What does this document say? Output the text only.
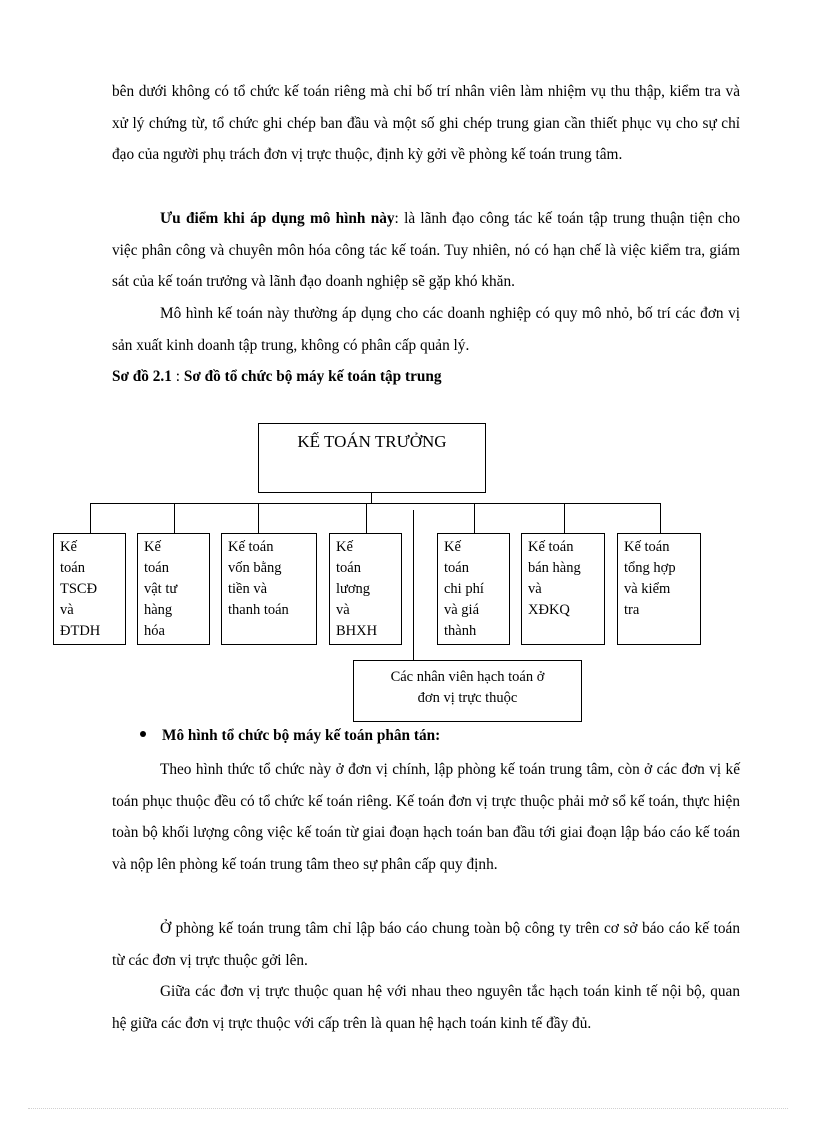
bên dưới không có tổ chức kế toán riêng mà chỉ bố trí nhân viên làm nhiệm vụ thu thập, kiểm tra và xử lý chứng từ, tổ chức ghi chép ban đầu và một số ghi chép trung gian cần thiết phục vụ cho sự chỉ đạo của người phụ trách đơn vị trực thuộc, định kỳ gởi về phòng kế toán trung tâm.

Ưu điểm khi áp dụng mô hình này: là lãnh đạo công tác kế toán tập trung thuận tiện cho việc phân công và chuyên môn hóa công tác kế toán. Tuy nhiên, nó có hạn chế là việc kiểm tra, giám sát của kế toán trưởng và lãnh đạo doanh nghiệp sẽ gặp khó khăn.

Mô hình kế toán này thường áp dụng cho các doanh nghiệp có quy mô nhỏ, bố trí các đơn vị sản xuất kinh doanh tập trung, không có phân cấp quản lý.

Sơ đồ 2.1 : Sơ đồ tổ chức bộ máy kế toán tập trung

KẾ TOÁN TRƯỞNG
Kế
toán
TSCĐ
và
ĐTDH
Kế
toán
vật tư
hàng
hóa
Kế toán
vốn bằng
tiền và
thanh toán
Kế
toán
lương
và
BHXH
Kế
toán
chi phí
và giá
thành
Kế toán
bán hàng
và
XĐKQ
Kế toán
tổng hợp
và kiểm
tra
Các nhân viên hạch toán ở
đơn vị trực thuộc
Mô hình tổ chức bộ máy kế toán phân tán:

Theo hình thức tổ chức này ở đơn vị chính, lập phòng kế toán trung tâm, còn ở các đơn vị kế toán phục thuộc đều có tổ chức kế toán riêng. Kế toán đơn vị trực thuộc phải mở sổ kế toán, thực hiện toàn bộ khối lượng công việc kế toán từ giai đoạn hạch toán ban đầu tới giai đoạn lập báo cáo kế toán và nộp lên phòng kế toán trung tâm theo sự phân cấp quy định.

Ở phòng kế toán trung tâm chỉ lập báo cáo chung toàn bộ công ty trên cơ sở báo cáo kế toán từ các đơn vị trực thuộc gởi lên.

Giữa các đơn vị trực thuộc quan hệ với nhau theo nguyên tắc hạch toán kinh tế nội bộ, quan hệ giữa các đơn vị trực thuộc với cấp trên là quan hệ hạch toán kinh tế đầy đủ.
